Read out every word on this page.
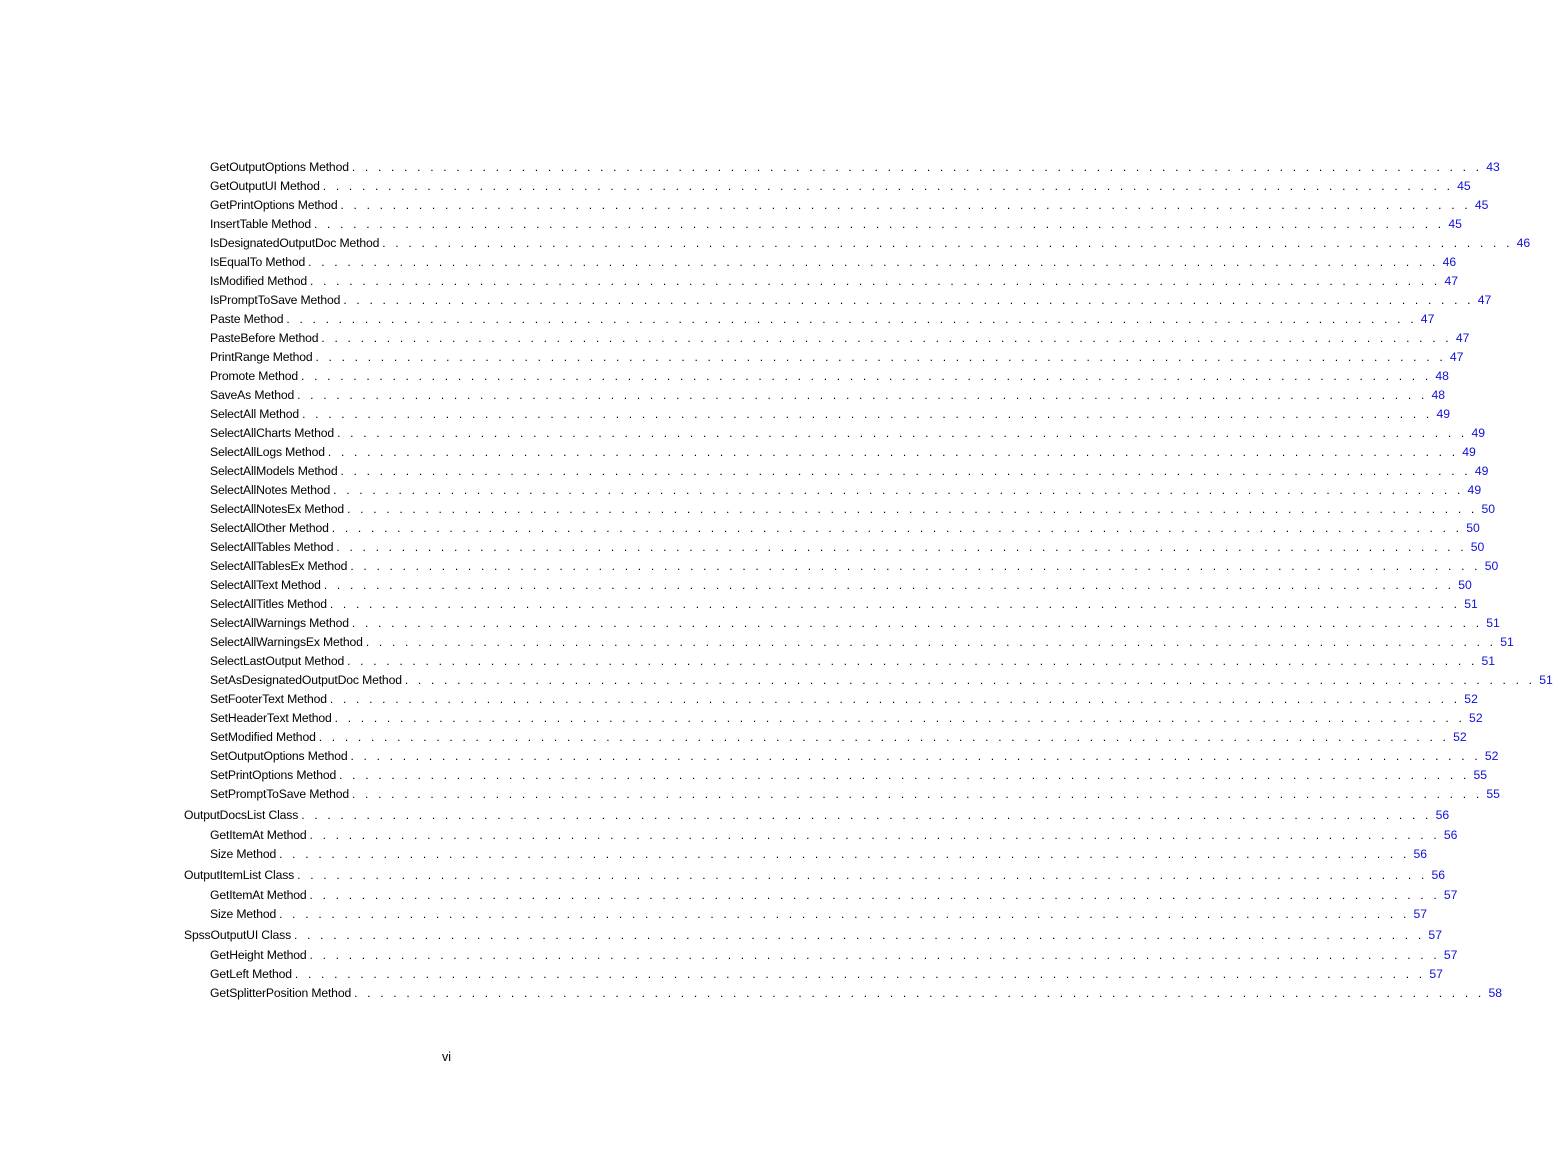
GetOutputOptions Method . . . . . . . . . . . . . . . . . . . . . . . . . . . . . . . . . . . . . . . . . . . . . . . . . . . . . . . . . . . . . . . . . . . . . . . . . . . . . . . . . . . . . . . 43
GetOutputUI Method . . . . . . . . . . . . . . . . . . . . . . . . . . . . . . . . . . . . . . . . . . . . . . . . . . . . . . . . . . . . . . . . . . . . . . . . . . . . . . . . . . . . . . . 45
GetPrintOptions Method . . . . . . . . . . . . . . . . . . . . . . . . . . . . . . . . . . . . . . . . . . . . . . . . . . . . . . . . . . . . . . . . . . . . . . . . . . . . . . . . . . . . . . . 45
InsertTable Method . . . . . . . . . . . . . . . . . . . . . . . . . . . . . . . . . . . . . . . . . . . . . . . . . . . . . . . . . . . . . . . . . . . . . . . . . . . . . . . . . . . . . . . 45
IsDesignatedOutputDoc Method . . . . . . . . . . . . . . . . . . . . . . . . . . . . . . . . . . . . . . . . . . . . . . . . . . . . . . . . . . . . . . . . . . . . . . . . . . . . . . . . . . . . . . . 46
IsEqualTo Method . . . . . . . . . . . . . . . . . . . . . . . . . . . . . . . . . . . . . . . . . . . . . . . . . . . . . . . . . . . . . . . . . . . . . . . . . . . . . . . . . . . . . . . 46
IsModified Method . . . . . . . . . . . . . . . . . . . . . . . . . . . . . . . . . . . . . . . . . . . . . . . . . . . . . . . . . . . . . . . . . . . . . . . . . . . . . . . . . . . . . . . 47
IsPromptToSave Method . . . . . . . . . . . . . . . . . . . . . . . . . . . . . . . . . . . . . . . . . . . . . . . . . . . . . . . . . . . . . . . . . . . . . . . . . . . . . . . . . . . . . . . 47
Paste Method . . . . . . . . . . . . . . . . . . . . . . . . . . . . . . . . . . . . . . . . . . . . . . . . . . . . . . . . . . . . . . . . . . . . . . . . . . . . . . . . . . . . . . . 47
PasteBefore Method . . . . . . . . . . . . . . . . . . . . . . . . . . . . . . . . . . . . . . . . . . . . . . . . . . . . . . . . . . . . . . . . . . . . . . . . . . . . . . . . . . . . . . . 47
PrintRange Method . . . . . . . . . . . . . . . . . . . . . . . . . . . . . . . . . . . . . . . . . . . . . . . . . . . . . . . . . . . . . . . . . . . . . . . . . . . . . . . . . . . . . . . 47
Promote Method . . . . . . . . . . . . . . . . . . . . . . . . . . . . . . . . . . . . . . . . . . . . . . . . . . . . . . . . . . . . . . . . . . . . . . . . . . . . . . . . . . . . . . . 48
SaveAs Method . . . . . . . . . . . . . . . . . . . . . . . . . . . . . . . . . . . . . . . . . . . . . . . . . . . . . . . . . . . . . . . . . . . . . . . . . . . . . . . . . . . . . . . 48
SelectAll Method . . . . . . . . . . . . . . . . . . . . . . . . . . . . . . . . . . . . . . . . . . . . . . . . . . . . . . . . . . . . . . . . . . . . . . . . . . . . . . . . . . . . . . . 49
SelectAllCharts Method . . . . . . . . . . . . . . . . . . . . . . . . . . . . . . . . . . . . . . . . . . . . . . . . . . . . . . . . . . . . . . . . . . . . . . . . . . . . . . . . . . . . . . . 49
SelectAllLogs Method . . . . . . . . . . . . . . . . . . . . . . . . . . . . . . . . . . . . . . . . . . . . . . . . . . . . . . . . . . . . . . . . . . . . . . . . . . . . . . . . . . . . . . . 49
SelectAllModels Method . . . . . . . . . . . . . . . . . . . . . . . . . . . . . . . . . . . . . . . . . . . . . . . . . . . . . . . . . . . . . . . . . . . . . . . . . . . . . . . . . . . . . . . 49
SelectAllNotes Method . . . . . . . . . . . . . . . . . . . . . . . . . . . . . . . . . . . . . . . . . . . . . . . . . . . . . . . . . . . . . . . . . . . . . . . . . . . . . . . . . . . . . . . 49
SelectAllNotesEx Method . . . . . . . . . . . . . . . . . . . . . . . . . . . . . . . . . . . . . . . . . . . . . . . . . . . . . . . . . . . . . . . . . . . . . . . . . . . . . . . . . . . . . . . 50
SelectAllOther Method . . . . . . . . . . . . . . . . . . . . . . . . . . . . . . . . . . . . . . . . . . . . . . . . . . . . . . . . . . . . . . . . . . . . . . . . . . . . . . . . . . . . . . . 50
SelectAllTables Method . . . . . . . . . . . . . . . . . . . . . . . . . . . . . . . . . . . . . . . . . . . . . . . . . . . . . . . . . . . . . . . . . . . . . . . . . . . . . . . . . . . . . . . 50
SelectAllTablesEx Method . . . . . . . . . . . . . . . . . . . . . . . . . . . . . . . . . . . . . . . . . . . . . . . . . . . . . . . . . . . . . . . . . . . . . . . . . . . . . . . . . . . . . . . 50
SelectAllText Method . . . . . . . . . . . . . . . . . . . . . . . . . . . . . . . . . . . . . . . . . . . . . . . . . . . . . . . . . . . . . . . . . . . . . . . . . . . . . . . . . . . . . . . 50
SelectAllTitles Method . . . . . . . . . . . . . . . . . . . . . . . . . . . . . . . . . . . . . . . . . . . . . . . . . . . . . . . . . . . . . . . . . . . . . . . . . . . . . . . . . . . . . . . 51
SelectAllWarnings Method . . . . . . . . . . . . . . . . . . . . . . . . . . . . . . . . . . . . . . . . . . . . . . . . . . . . . . . . . . . . . . . . . . . . . . . . . . . . . . . . . . . . . . . 51
SelectAllWarningsEx Method . . . . . . . . . . . . . . . . . . . . . . . . . . . . . . . . . . . . . . . . . . . . . . . . . . . . . . . . . . . . . . . . . . . . . . . . . . . . . . . . . . . . . . . 51
SelectLastOutput Method . . . . . . . . . . . . . . . . . . . . . . . . . . . . . . . . . . . . . . . . . . . . . . . . . . . . . . . . . . . . . . . . . . . . . . . . . . . . . . . . . . . . . . . 51
SetAsDesignatedOutputDoc Method . . . . . . . . . . . . . . . . . . . . . . . . . . . . . . . . . . . . . . . . . . . . . . . . . . . . . . . . . . . . . . . . . . . . . . . . . . . . . . . . . . . . . . . 51
SetFooterText Method . . . . . . . . . . . . . . . . . . . . . . . . . . . . . . . . . . . . . . . . . . . . . . . . . . . . . . . . . . . . . . . . . . . . . . . . . . . . . . . . . . . . . . . 52
SetHeaderText Method . . . . . . . . . . . . . . . . . . . . . . . . . . . . . . . . . . . . . . . . . . . . . . . . . . . . . . . . . . . . . . . . . . . . . . . . . . . . . . . . . . . . . . . 52
SetModified Method . . . . . . . . . . . . . . . . . . . . . . . . . . . . . . . . . . . . . . . . . . . . . . . . . . . . . . . . . . . . . . . . . . . . . . . . . . . . . . . . . . . . . . . 52
SetOutputOptions Method . . . . . . . . . . . . . . . . . . . . . . . . . . . . . . . . . . . . . . . . . . . . . . . . . . . . . . . . . . . . . . . . . . . . . . . . . . . . . . . . . . . . . . . 52
SetPrintOptions Method . . . . . . . . . . . . . . . . . . . . . . . . . . . . . . . . . . . . . . . . . . . . . . . . . . . . . . . . . . . . . . . . . . . . . . . . . . . . . . . . . . . . . . . 55
SetPromptToSave Method . . . . . . . . . . . . . . . . . . . . . . . . . . . . . . . . . . . . . . . . . . . . . . . . . . . . . . . . . . . . . . . . . . . . . . . . . . . . . . . . . . . . . . . 55
OutputDocsList Class . . . . . . . . . . . . . . . . . . . . . . . . . . . . . . . . . . . . . . . . . . . . . . . . . . . . . . . . . . . . . . . . . . . . . . . . . . . . . . . . . . . . . . . 56
GetItemAt Method . . . . . . . . . . . . . . . . . . . . . . . . . . . . . . . . . . . . . . . . . . . . . . . . . . . . . . . . . . . . . . . . . . . . . . . . . . . . . . . . . . . . . . . 56
Size Method . . . . . . . . . . . . . . . . . . . . . . . . . . . . . . . . . . . . . . . . . . . . . . . . . . . . . . . . . . . . . . . . . . . . . . . . . . . . . . . . . . . . . . . 56
OutputItemList Class . . . . . . . . . . . . . . . . . . . . . . . . . . . . . . . . . . . . . . . . . . . . . . . . . . . . . . . . . . . . . . . . . . . . . . . . . . . . . . . . . . . . . . . 56
GetItemAt Method . . . . . . . . . . . . . . . . . . . . . . . . . . . . . . . . . . . . . . . . . . . . . . . . . . . . . . . . . . . . . . . . . . . . . . . . . . . . . . . . . . . . . . . 57
Size Method . . . . . . . . . . . . . . . . . . . . . . . . . . . . . . . . . . . . . . . . . . . . . . . . . . . . . . . . . . . . . . . . . . . . . . . . . . . . . . . . . . . . . . . 57
SpssOutputUI Class . . . . . . . . . . . . . . . . . . . . . . . . . . . . . . . . . . . . . . . . . . . . . . . . . . . . . . . . . . . . . . . . . . . . . . . . . . . . . . . . . . . . . . . 57
GetHeight Method . . . . . . . . . . . . . . . . . . . . . . . . . . . . . . . . . . . . . . . . . . . . . . . . . . . . . . . . . . . . . . . . . . . . . . . . . . . . . . . . . . . . . . . 57
GetLeft Method . . . . . . . . . . . . . . . . . . . . . . . . . . . . . . . . . . . . . . . . . . . . . . . . . . . . . . . . . . . . . . . . . . . . . . . . . . . . . . . . . . . . . . . 57
GetSplitterPosition Method . . . . . . . . . . . . . . . . . . . . . . . . . . . . . . . . . . . . . . . . . . . . . . . . . . . . . . . . . . . . . . . . . . . . . . . . . . . . . . . . . . . . . . . 58
vi
